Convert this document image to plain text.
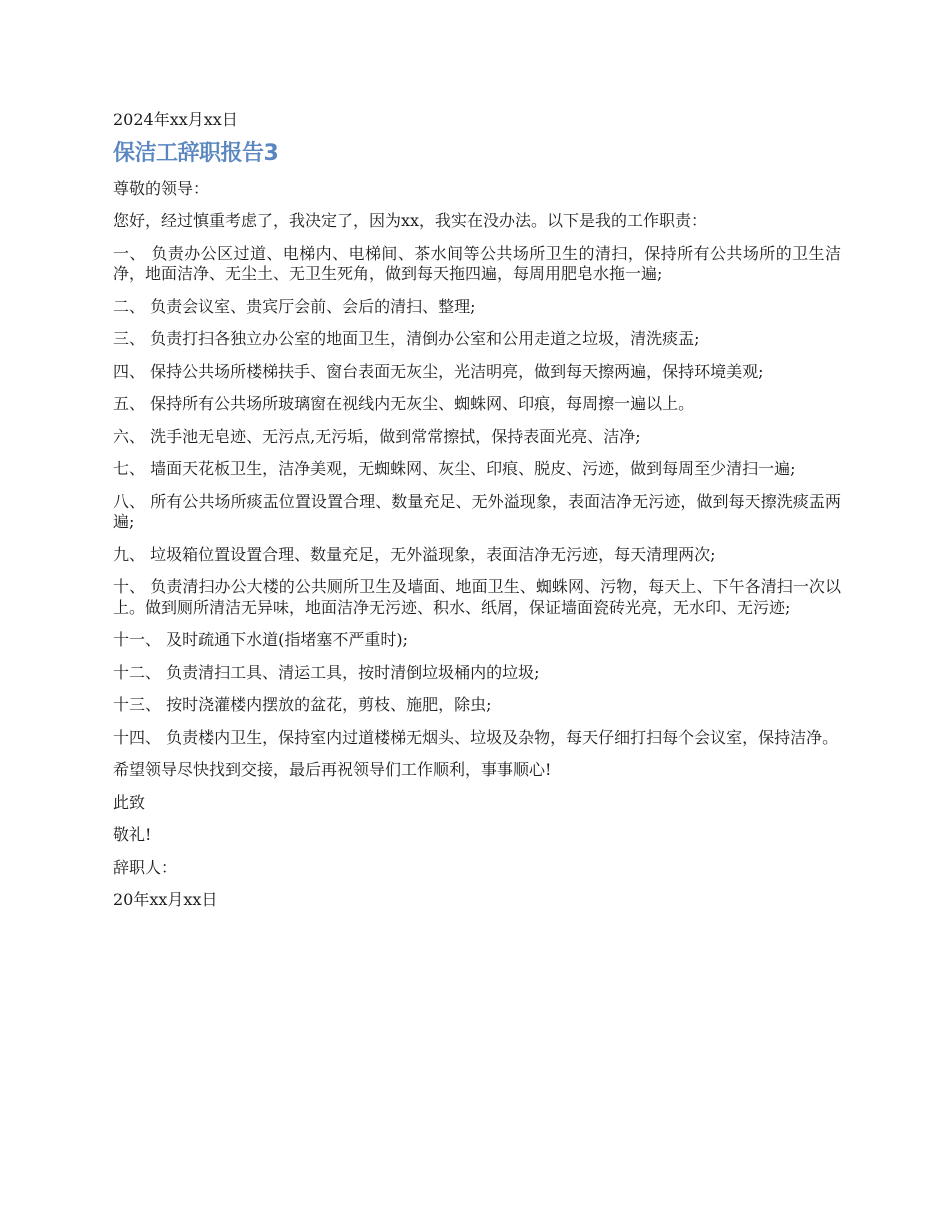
2024年xx月xx日

保洁工辞职报告3

尊敬的领导：

您好，经过慎重考虑了，我决定了，因为xx，我实在没办法。以下是我的工作职责：

一、 负责办公区过道、电梯内、电梯间、茶水间等公共场所卫生的清扫，保持所有公共场所的卫生洁净，地面洁净、无尘土、无卫生死角，做到每天拖四遍，每周用肥皂水拖一遍;

二、 负责会议室、贵宾厅会前、会后的清扫、整理;

三、 负责打扫各独立办公室的地面卫生，清倒办公室和公用走道之垃圾，清洗痰盂;

四、 保持公共场所楼梯扶手、窗台表面无灰尘，光洁明亮，做到每天擦两遍，保持环境美观;

五、 保持所有公共场所玻璃窗在视线内无灰尘、蜘蛛网、印痕，每周擦一遍以上。

六、 洗手池无皂迹、无污点,无污垢，做到常常擦拭，保持表面光亮、洁净;

七、 墙面天花板卫生，洁净美观，无蜘蛛网、灰尘、印痕、脱皮、污迹，做到每周至少清扫一遍;

八、 所有公共场所痰盂位置设置合理、数量充足、无外溢现象，表面洁净无污迹，做到每天擦洗痰盂两遍;

九、 垃圾箱位置设置合理、数量充足，无外溢现象，表面洁净无污迹，每天清理两次;

十、 负责清扫办公大楼的公共厕所卫生及墙面、地面卫生、蜘蛛网、污物，每天上、下午各清扫一次以上。做到厕所清洁无异味，地面洁净无污迹、积水、纸屑，保证墙面瓷砖光亮，无水印、无污迹;

十一、 及时疏通下水道(指堵塞不严重时);

十二、 负责清扫工具、清运工具，按时清倒垃圾桶内的垃圾;

十三、 按时浇灌楼内摆放的盆花，剪枝、施肥，除虫;

十四、 负责楼内卫生，保持室内过道楼梯无烟头、垃圾及杂物，每天仔细打扫每个会议室，保持洁净。

希望领导尽快找到交接，最后再祝领导们工作顺利，事事顺心!

此致

敬礼!

辞职人：

20年xx月xx日
